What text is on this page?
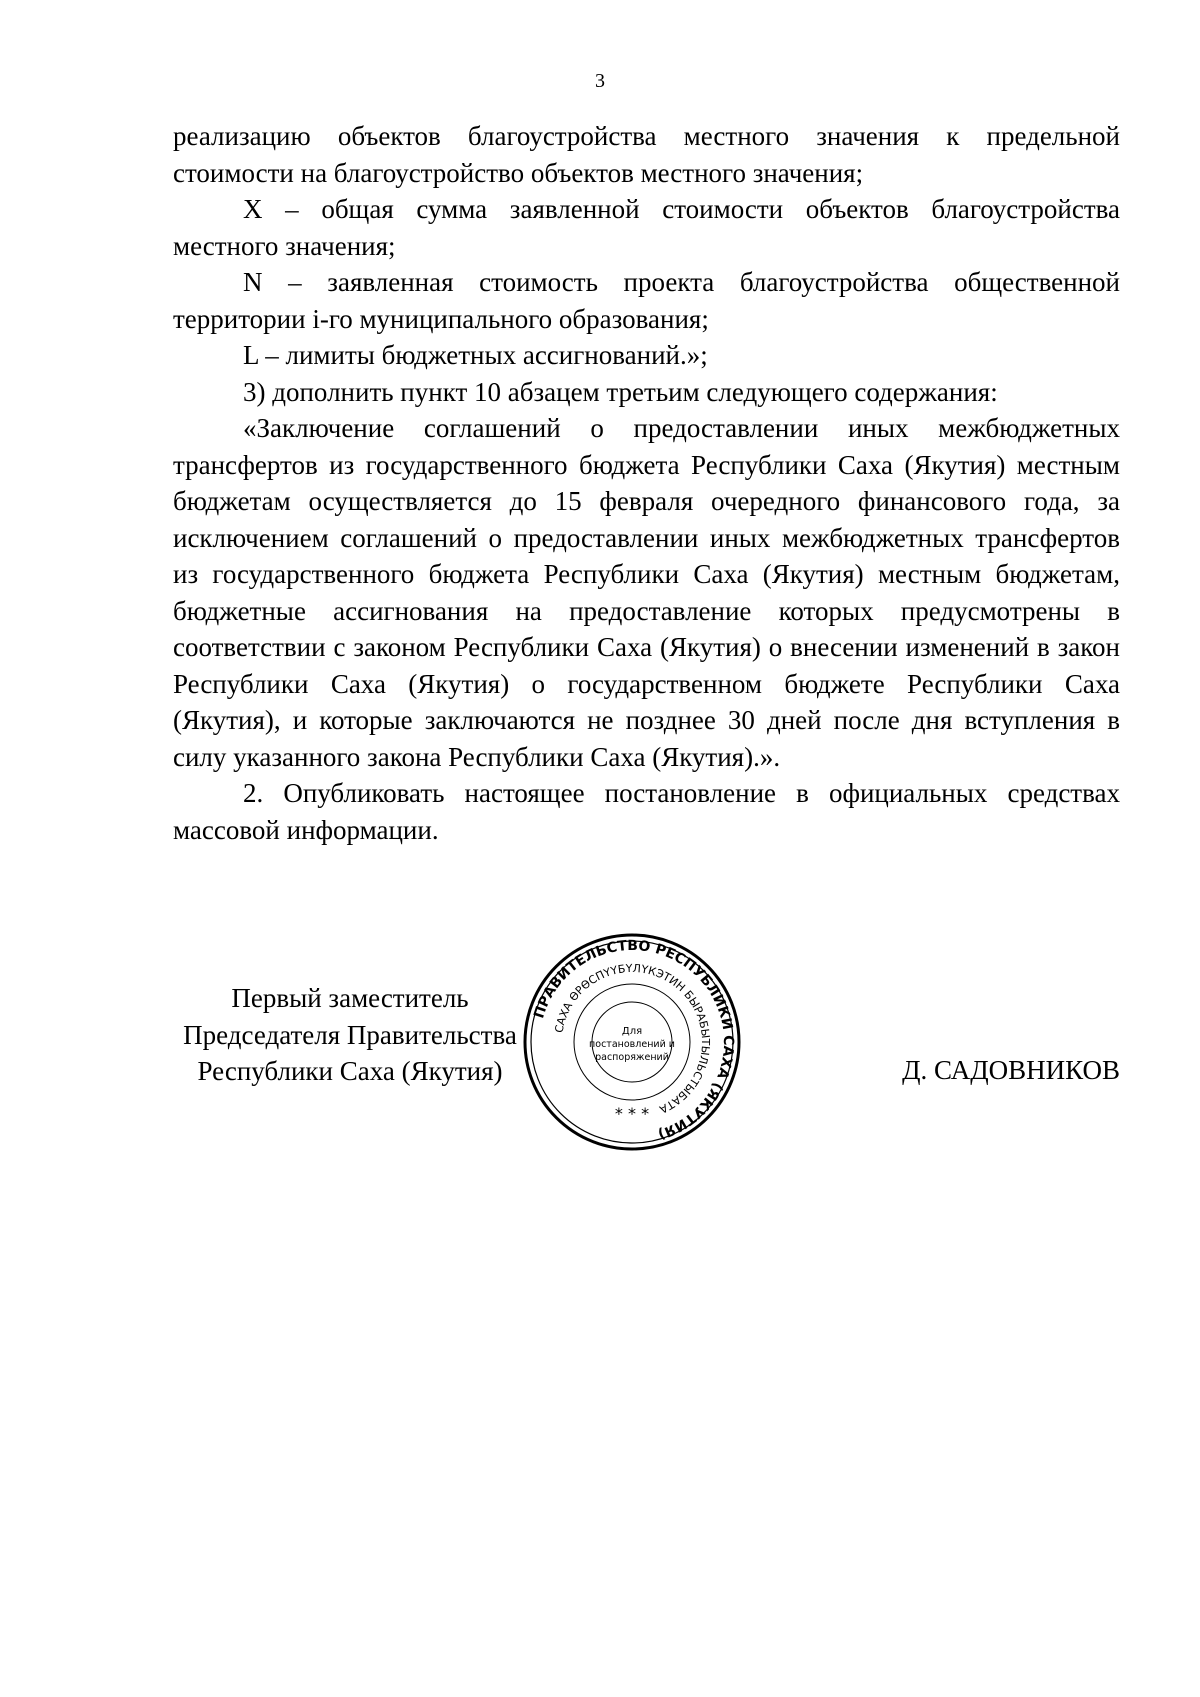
3

реализацию объектов благоустройства местного значения к предельной стоимости на благоустройство объектов местного значения;

X – общая сумма заявленной стоимости объектов благоустройства местного значения;

N – заявленная стоимость проекта благоустройства общественной территории i-го муниципального образования;

L – лимиты бюджетных ассигнований.»;

3) дополнить пункт 10 абзацем третьим следующего содержания:

«Заключение соглашений о предоставлении иных межбюджетных трансфертов из государственного бюджета Республики Саха (Якутия) местным бюджетам осуществляется до 15 февраля очередного финансового года, за исключением соглашений о предоставлении иных межбюджетных трансфертов из государственного бюджета Республики Саха (Якутия) местным бюджетам, бюджетные ассигнования на предоставление которых предусмотрены в соответствии с законом Республики Саха (Якутия) о внесении изменений в закон Республики Саха (Якутия) о государственном бюджете Республики Саха (Якутия), и которые заключаются не позднее 30 дней после дня вступления в силу указанного закона Республики Саха (Якутия).».

2. Опубликовать настоящее постановление в официальных средствах массовой информации.

Первый заместитель
Председателя Правительства
Республики Саха (Якутия)
ПРАВИТЕЛЬСТВО РЕСПУБЛИКИ САХА (ЯКУТИЯ)
САХА ӨРӨСПҮҮБҮЛҮКЭТИН БЫРАБЫТЫЛЬСТЫБАТА
Для
постановлений и
распоряжений
* * *
Д. САДОВНИКОВ
